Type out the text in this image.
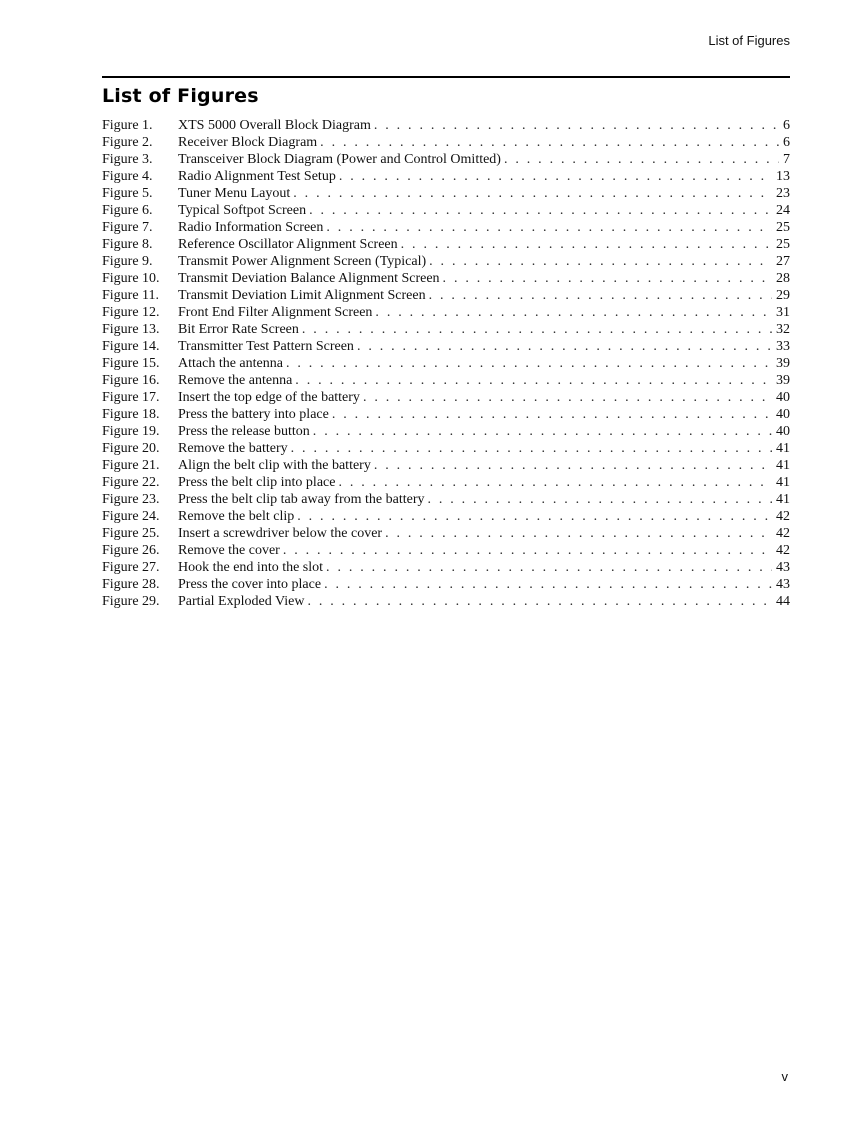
List of Figures
List of Figures
Figure 1.	XTS 5000 Overall Block Diagram . . .	6
Figure 2.	Receiver Block Diagram . . .	6
Figure 3.	Transceiver Block Diagram (Power and Control Omitted) . . .	7
Figure 4.	Radio Alignment Test Setup . . .	13
Figure 5.	Tuner Menu Layout . . .	23
Figure 6.	Typical Softpot Screen . . .	24
Figure 7.	Radio Information Screen . . .	25
Figure 8.	Reference Oscillator Alignment Screen . . .	25
Figure 9.	Transmit Power Alignment Screen (Typical) . . .	27
Figure 10.	Transmit Deviation Balance Alignment Screen . . .	28
Figure 11.	Transmit Deviation Limit Alignment Screen . . .	29
Figure 12.	Front End Filter Alignment Screen . . .	31
Figure 13.	Bit Error Rate Screen . . .	32
Figure 14.	Transmitter Test Pattern Screen . . .	33
Figure 15.	Attach the antenna . . .	39
Figure 16.	Remove the antenna . . .	39
Figure 17.	Insert the top edge of the battery . . .	40
Figure 18.	Press the battery into place . . .	40
Figure 19.	Press the release button . . .	40
Figure 20.	Remove the battery . . .	41
Figure 21.	Align the belt clip with the battery . . .	41
Figure 22.	Press the belt clip into place . . .	41
Figure 23.	Press the belt clip tab away from the battery . . .	41
Figure 24.	Remove the belt clip . . .	42
Figure 25.	Insert a screwdriver below the cover . . .	42
Figure 26.	Remove the cover . . .	42
Figure 27.	Hook the end into the slot . . .	43
Figure 28.	Press the cover into place . . .	43
Figure 29.	Partial Exploded View . . .	44
v
